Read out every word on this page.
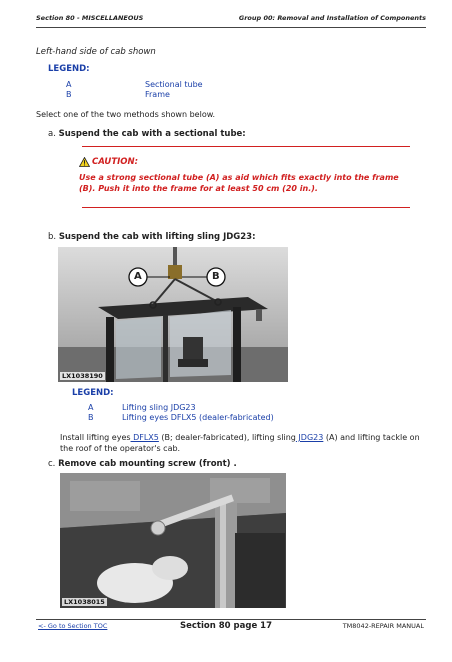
Section 80 - MISCELLANEOUS	Group 00: Removal and Installation of Components
Left-hand side of cab shown
LEGEND:
A	Sectional tube
B	Frame
Select one of the two methods shown below.
a. Suspend the cab with a sectional tube:
CAUTION:
Use a strong sectional tube (A) as aid which fits exactly into the frame (B). Push it into the frame for at least 50 cm (20 in.).
b. Suspend the cab with lifting sling JDG23:
A	B
LX1038190
LEGEND:
A	Lifting sling JDG23
B	Lifting eyes DFLX5 (dealer-fabricated)
Install lifting eyes DFLX5 (B; dealer-fabricated), lifting sling JDG23 (A) and lifting tackle on the roof of the operator's cab.
c. Remove cab mounting screw (front) .
LX1038015
<- Go to Section TOC	Section 80 page 17	TM8042-REPAIR MANUAL
